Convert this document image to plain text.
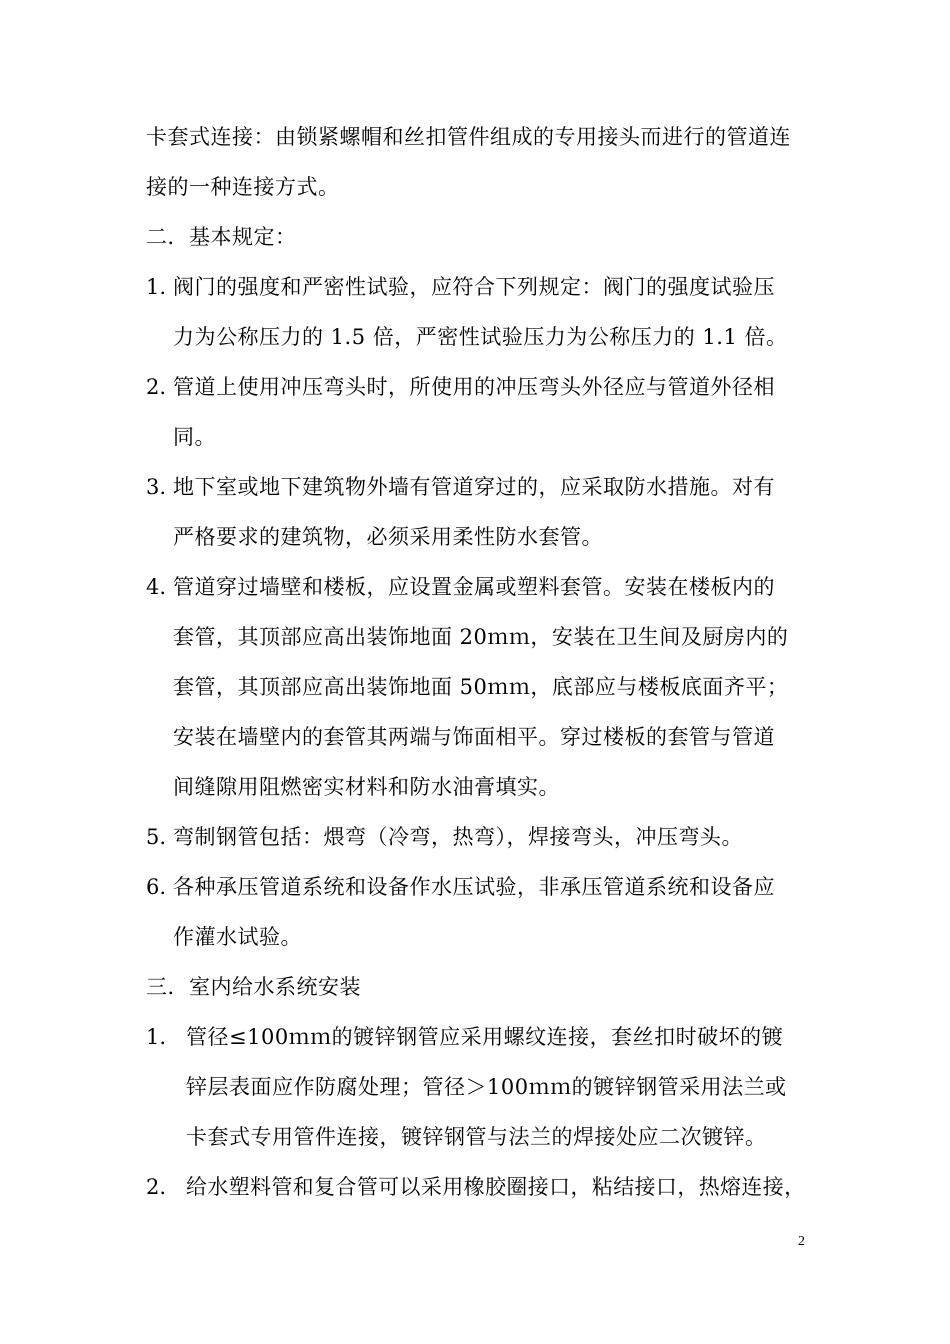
卡套式连接：由锁紧螺帽和丝扣管件组成的专用接头而进行的管道连
接的一种连接方式。
二．基本规定：
1. 阀门的强度和严密性试验，应符合下列规定：阀门的强度试验压
力为公称压力的 1.5 倍，严密性试验压力为公称压力的 1.1 倍。
2. 管道上使用冲压弯头时，所使用的冲压弯头外径应与管道外径相
同。
3. 地下室或地下建筑物外墙有管道穿过的，应采取防水措施。对有
严格要求的建筑物，必须采用柔性防水套管。
4. 管道穿过墙壁和楼板，应设置金属或塑料套管。安装在楼板内的
套管，其顶部应高出装饰地面 20ｍｍ，安装在卫生间及厨房内的
套管，其顶部应高出装饰地面 50ｍｍ，底部应与楼板底面齐平；
安装在墙壁内的套管其两端与饰面相平。穿过楼板的套管与管道
间缝隙用阻燃密实材料和防水油膏填实。
5. 弯制钢管包括：煨弯（冷弯，热弯），焊接弯头，冲压弯头。
6. 各种承压管道系统和设备作水压试验，非承压管道系统和设备应
作灌水试验。
三．室内给水系统安装
1. 管径≤100ｍｍ的镀锌钢管应采用螺纹连接，套丝扣时破坏的镀
锌层表面应作防腐处理；管径＞100ｍｍ的镀锌钢管采用法兰或
卡套式专用管件连接，镀锌钢管与法兰的焊接处应二次镀锌。
2. 给水塑料管和复合管可以采用橡胶圈接口，粘结接口，热熔连接，
2
